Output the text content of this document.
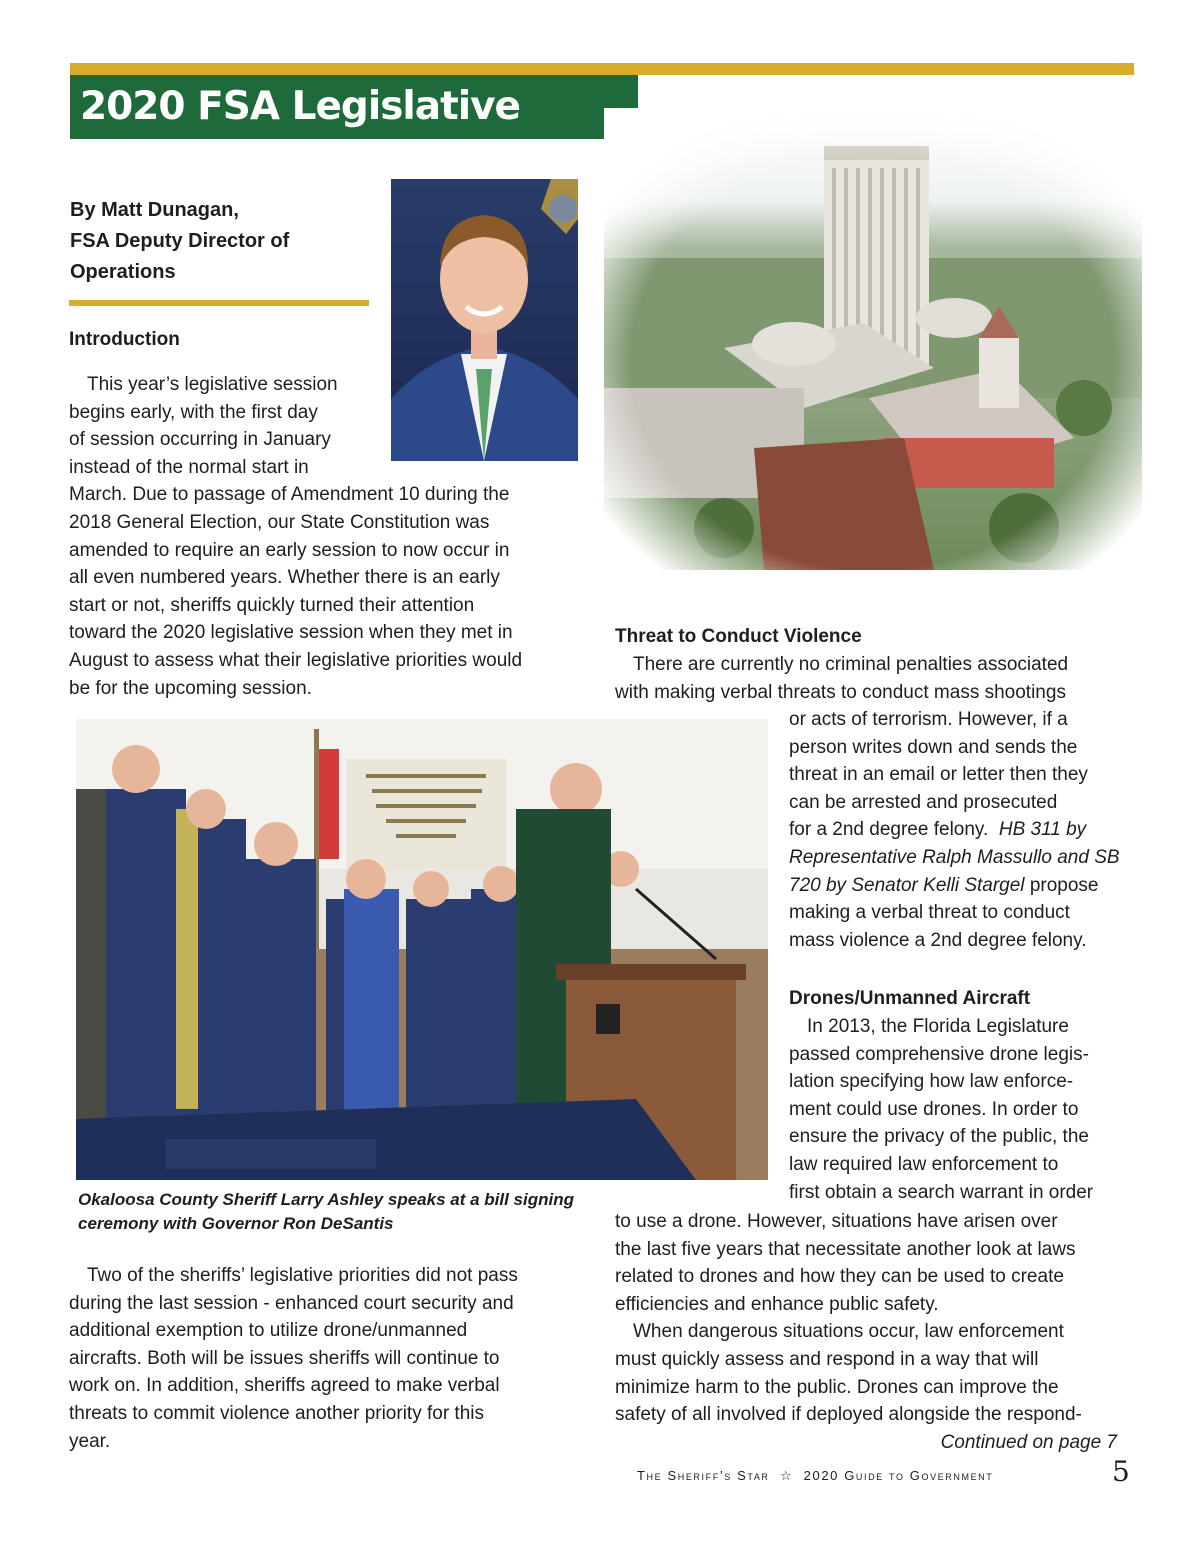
2020 FSA Legislative Preview
By Matt Dunagan,
FSA Deputy Director of
Operations
Introduction

This year’s legislative session

begins early, with the first day

of session occurring in January

instead of the normal start in

March. Due to passage of Amendment 10 during the

2018 General Election, our State Constitution was

amended to require an early session to now occur in

all even numbered years. Whether there is an early

start or not, sheriffs quickly turned their attention

toward the 2020 legislative session when they met in

August to assess what their legislative priorities would

be for the upcoming session.

Okaloosa County Sheriff Larry Ashley speaks at a bill signing
ceremony with Governor Ron DeSantis

Two of the sheriffs’ legislative priorities did not pass

during the last session - enhanced court security and

additional exemption to utilize drone/unmanned

aircrafts. Both will be issues sheriffs will continue to

work on. In addition, sheriffs agreed to make verbal

threats to commit violence another priority for this

year.

Threat to Conduct Violence

There are currently no criminal penalties associated

with making verbal threats to conduct mass shootings

or acts of terrorism. However, if a

person writes down and sends the

threat in an email or letter then they

can be arrested and prosecuted

for a 2nd degree felony. HB 311 by

Representative Ralph Massullo and SB

720 by Senator Kelli Stargel propose

making a verbal threat to conduct

mass violence a 2nd degree felony.

Drones/Unmanned Aircraft

In 2013, the Florida Legislature

passed comprehensive drone legis-

lation specifying how law enforce-

ment could use drones. In order to

ensure the privacy of the public, the

law required law enforcement to

first obtain a search warrant in order

to use a drone. However, situations have arisen over

the last five years that necessitate another look at laws

related to drones and how they can be used to create

efficiencies and enhance public safety.

When dangerous situations occur, law enforcement

must quickly assess and respond in a way that will

minimize harm to the public. Drones can improve the

safety of all involved if deployed alongside the respond-

Continued on page 7
The Sheriff’s Star  ☆  2020 Guide to Government	5
